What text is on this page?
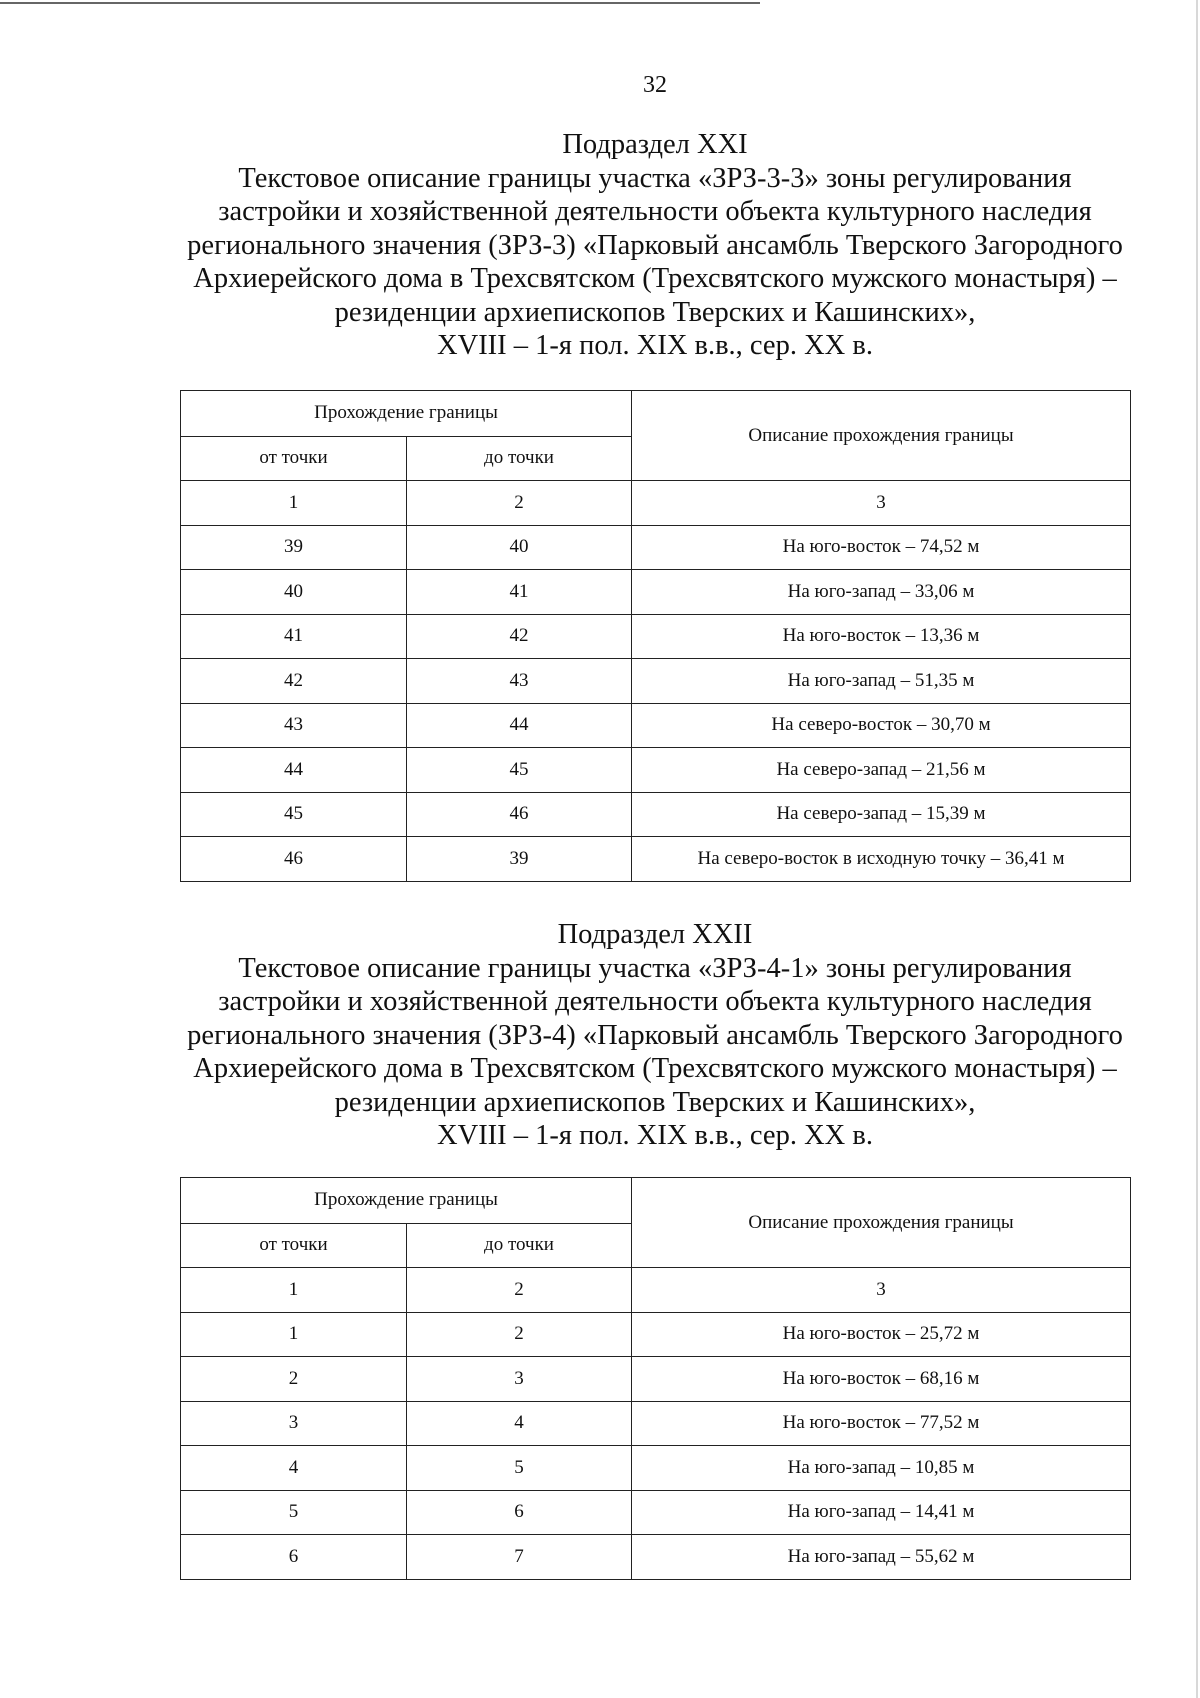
32
Подраздел XXI
Текстовое описание границы участка «ЗРЗ-3-3» зоны регулирования
застройки и хозяйственной деятельности объекта культурного наследия
регионального значения (ЗРЗ-3) «Парковый ансамбль Тверского Загородного
Архиерейского дома в Трехсвятском (Трехсвятского мужского монастыря) –
резиденции архиепископов Тверских и Кашинских»,
XVIII – 1-я пол. XIX в.в., сер. XX в.
Прохождение границы		Описание прохождения границы
от точки	до точки	
1	2	3
39	40	На юго-восток – 74,52 м
40	41	На юго-запад – 33,06 м
41	42	На юго-восток – 13,36 м
42	43	На юго-запад – 51,35 м
43	44	На северо-восток – 30,70 м
44	45	На северо-запад – 21,56 м
45	46	На северо-запад – 15,39 м
46	39	На северо-восток в исходную точку – 36,41 м
Подраздел XXII
Текстовое описание границы участка «ЗРЗ-4-1» зоны регулирования
застройки и хозяйственной деятельности объекта культурного наследия
регионального значения (ЗРЗ-4) «Парковый ансамбль Тверского Загородного
Архиерейского дома в Трехсвятском (Трехсвятского мужского монастыря) –
резиденции архиепископов Тверских и Кашинских»,
XVIII – 1-я пол. XIX в.в., сер. XX в.
Прохождение границы		Описание прохождения границы
от точки	до точки	
1	2	3
1	2	На юго-восток – 25,72 м
2	3	На юго-восток – 68,16 м
3	4	На юго-восток – 77,52 м
4	5	На юго-запад – 10,85 м
5	6	На юго-запад – 14,41 м
6	7	На юго-запад – 55,62 м
